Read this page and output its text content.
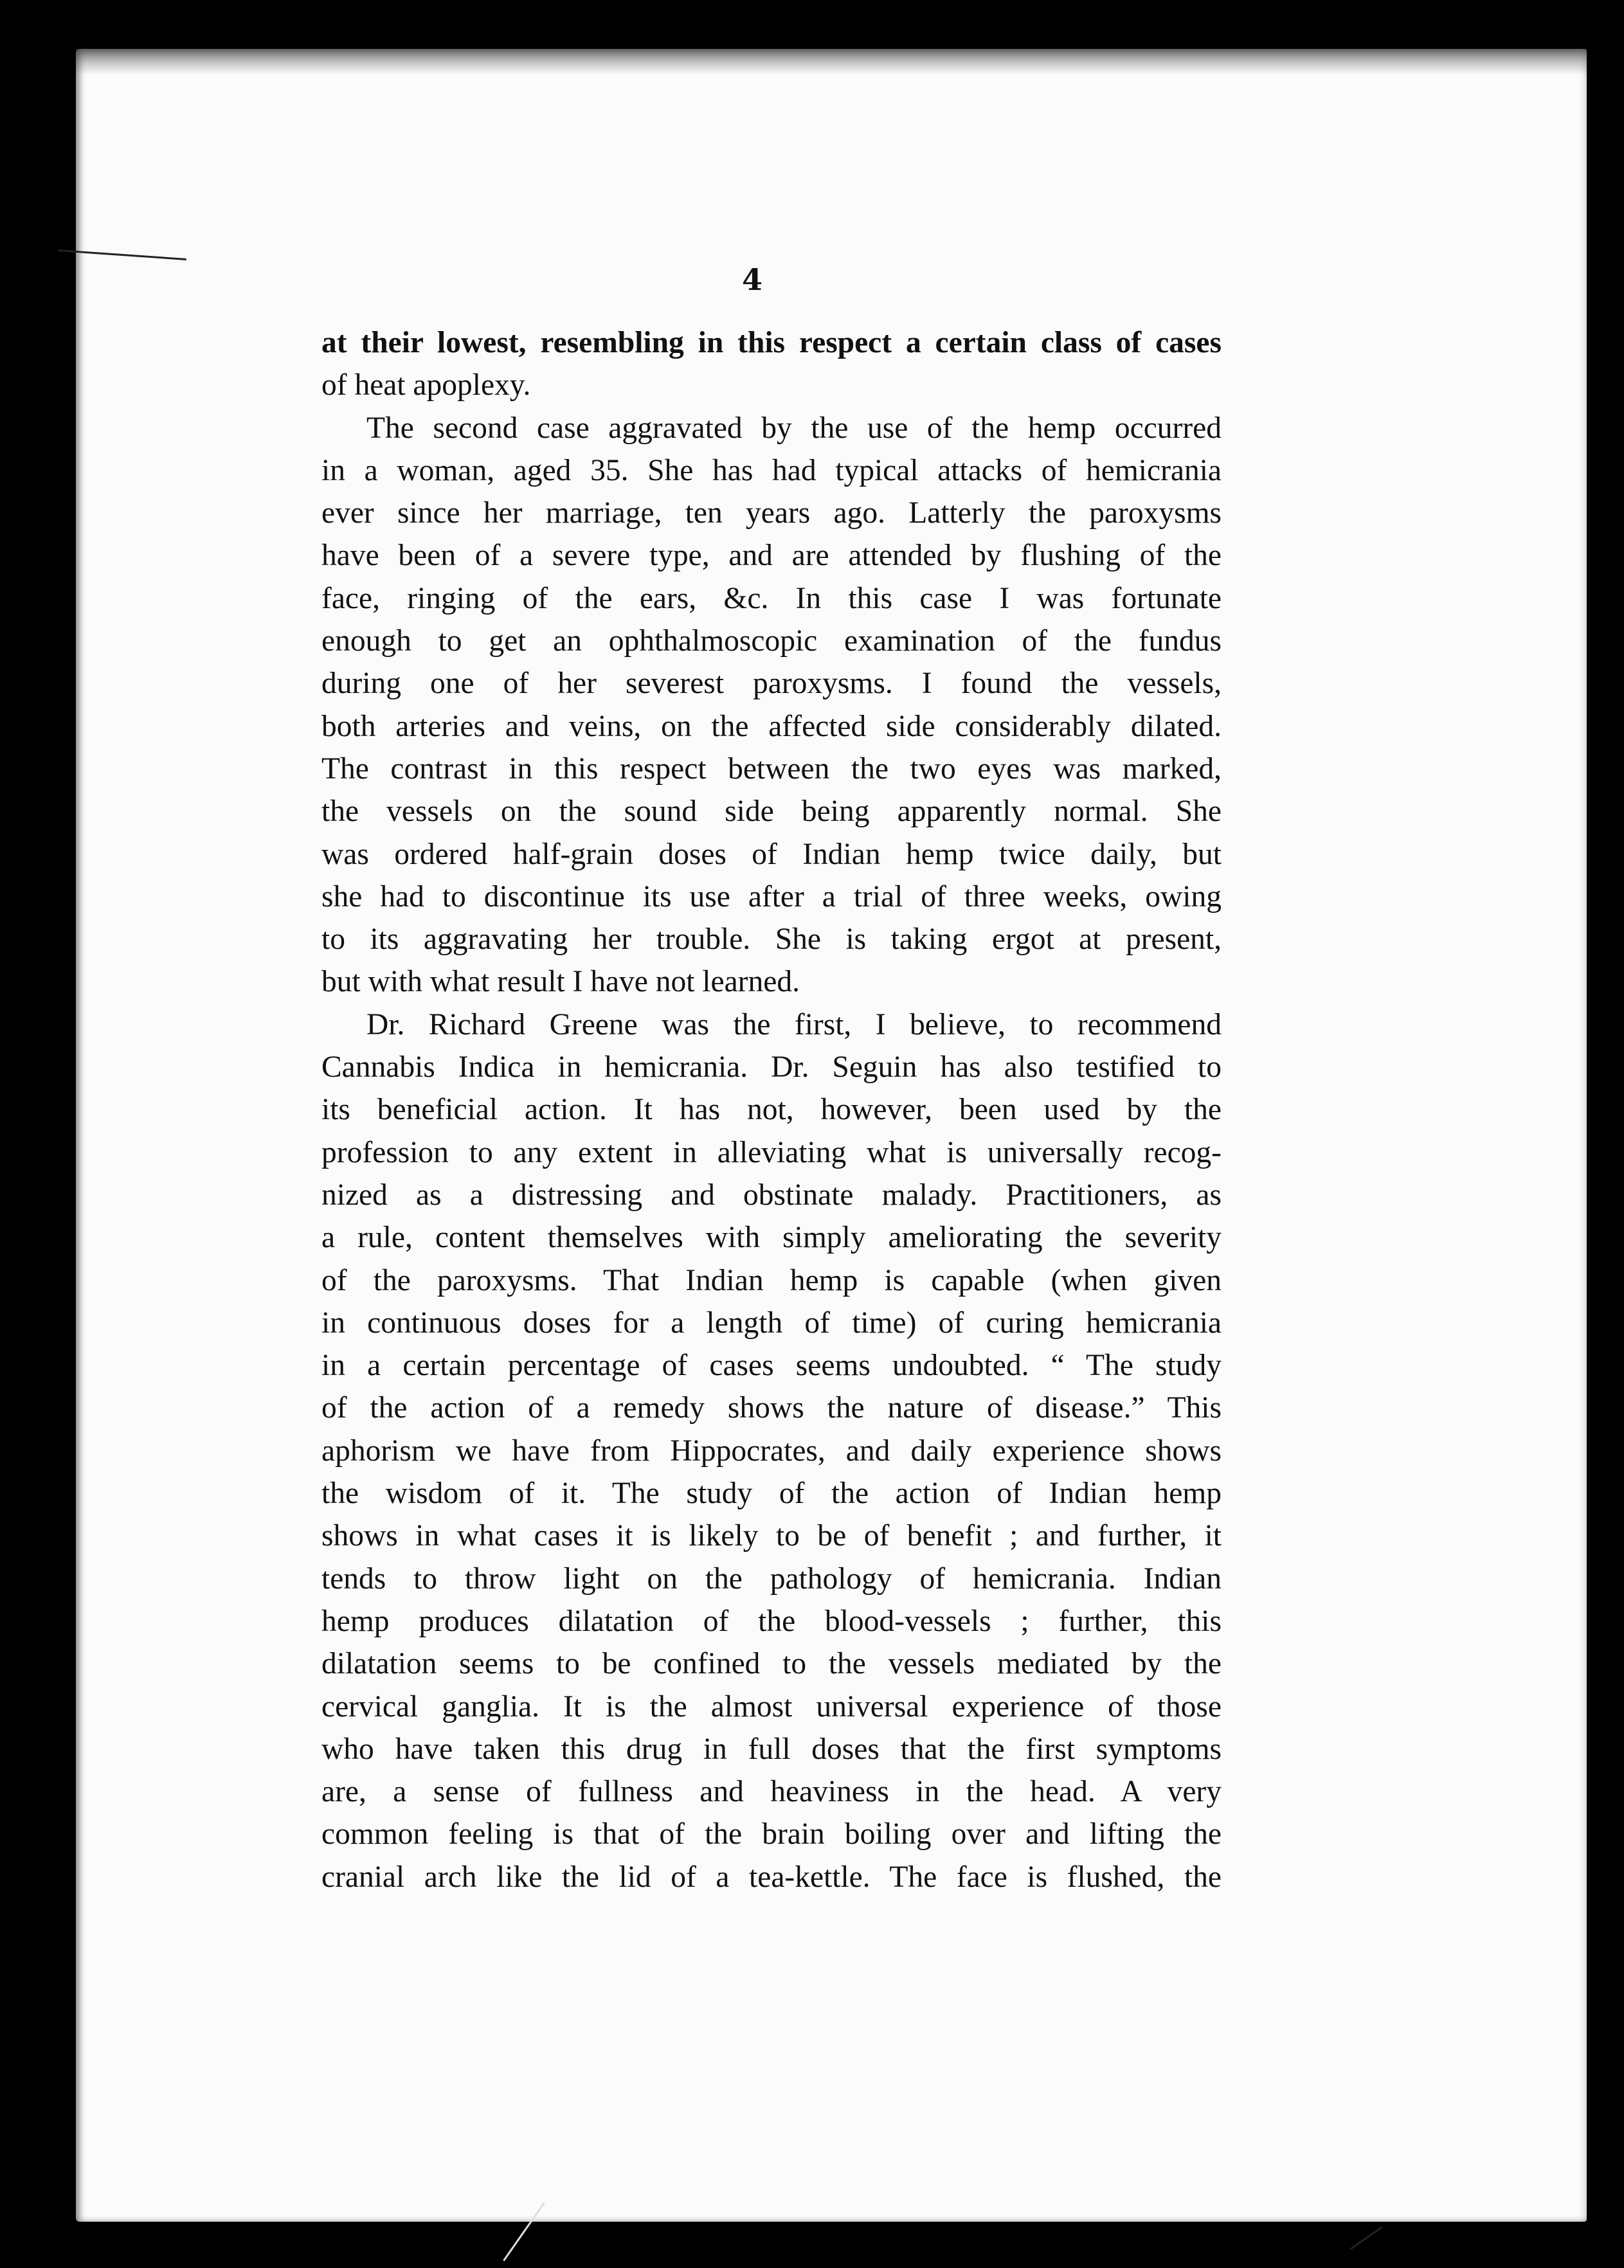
4

at their lowest, resembling in this respect a certain class of cases
of heat apoplexy.

The second case aggravated by the use of the hemp occurred
in a woman, aged 35. She has had typical attacks of hemicrania
ever since her marriage, ten years ago. Latterly the paroxysms
have been of a severe type, and are attended by flushing of the
face, ringing of the ears, &c. In this case I was fortunate
enough to get an ophthalmoscopic examination of the fundus
during one of her severest paroxysms. I found the vessels,
both arteries and veins, on the affected side considerably dilated.
The contrast in this respect between the two eyes was marked,
the vessels on the sound side being apparently normal. She
was ordered half-grain doses of Indian hemp twice daily, but
she had to discontinue its use after a trial of three weeks, owing
to its aggravating her trouble. She is taking ergot at present,
but with what result I have not learned.

Dr. Richard Greene was the first, I believe, to recommend
Cannabis Indica in hemicrania. Dr. Seguin has also testified to
its beneficial action. It has not, however, been used by the
profession to any extent in alleviating what is universally recog-
nized as a distressing and obstinate malady. Practitioners, as
a rule, content themselves with simply ameliorating the severity
of the paroxysms. That Indian hemp is capable (when given
in continuous doses for a length of time) of curing hemicrania
in a certain percentage of cases seems undoubted. “ The study
of the action of a remedy shows the nature of disease.” This
aphorism we have from Hippocrates, and daily experience shows
the wisdom of it. The study of the action of Indian hemp
shows in what cases it is likely to be of benefit ; and further, it
tends to throw light on the pathology of hemicrania. Indian
hemp produces dilatation of the blood-vessels ; further, this
dilatation seems to be confined to the vessels mediated by the
cervical ganglia. It is the almost universal experience of those
who have taken this drug in full doses that the first symptoms
are, a sense of fullness and heaviness in the head. A very
common feeling is that of the brain boiling over and lifting the
cranial arch like the lid of a tea-kettle. The face is flushed, the
